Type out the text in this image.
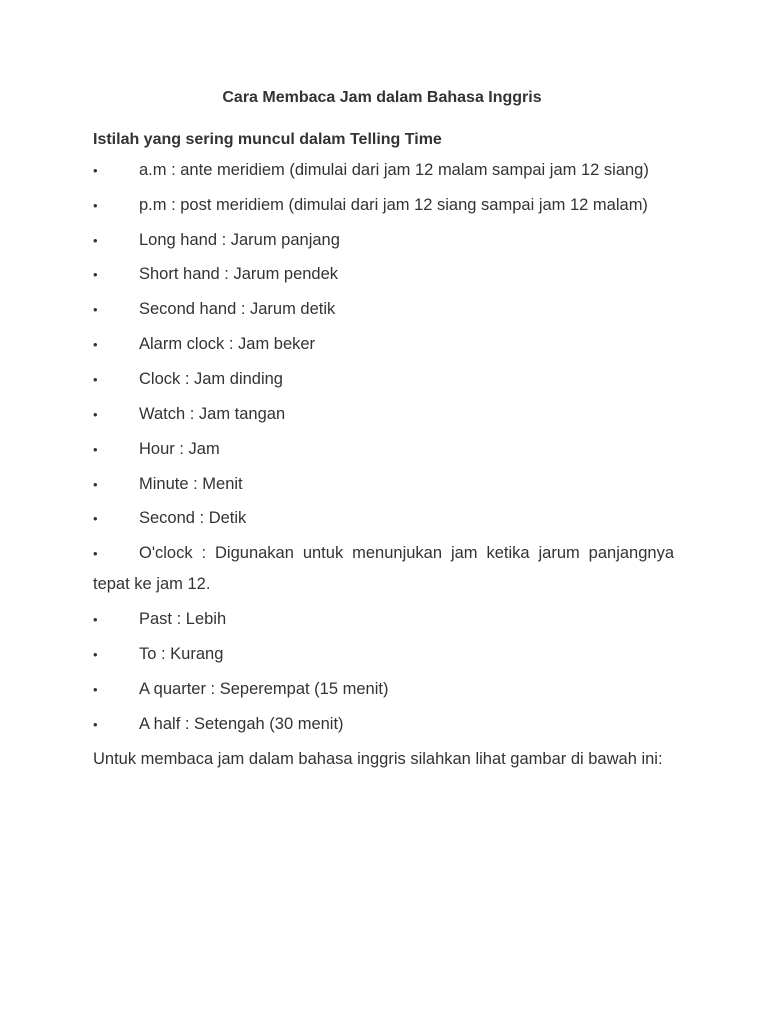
Cara Membaca Jam dalam Bahasa Inggris
Istilah yang sering muncul dalam Telling Time
•	a.m : ante meridiem (dimulai dari jam 12 malam sampai jam 12 siang)
•	p.m : post meridiem (dimulai dari jam 12 siang sampai jam 12 malam)
•	Long hand : Jarum panjang
•	Short hand : Jarum pendek
•	Second hand : Jarum detik
•	Alarm clock : Jam beker
•	Clock : Jam dinding
•	Watch : Jam tangan
•	Hour : Jam
•	Minute : Menit
•	Second : Detik
•	O'clock : Digunakan untuk menunjukan jam ketika jarum panjangnya
tepat ke jam 12.
•	Past : Lebih
•	To : Kurang
•	A quarter : Seperempat (15 menit)
•	A half : Setengah (30 menit)
Untuk membaca jam dalam bahasa inggris silahkan lihat gambar di bawah ini:
